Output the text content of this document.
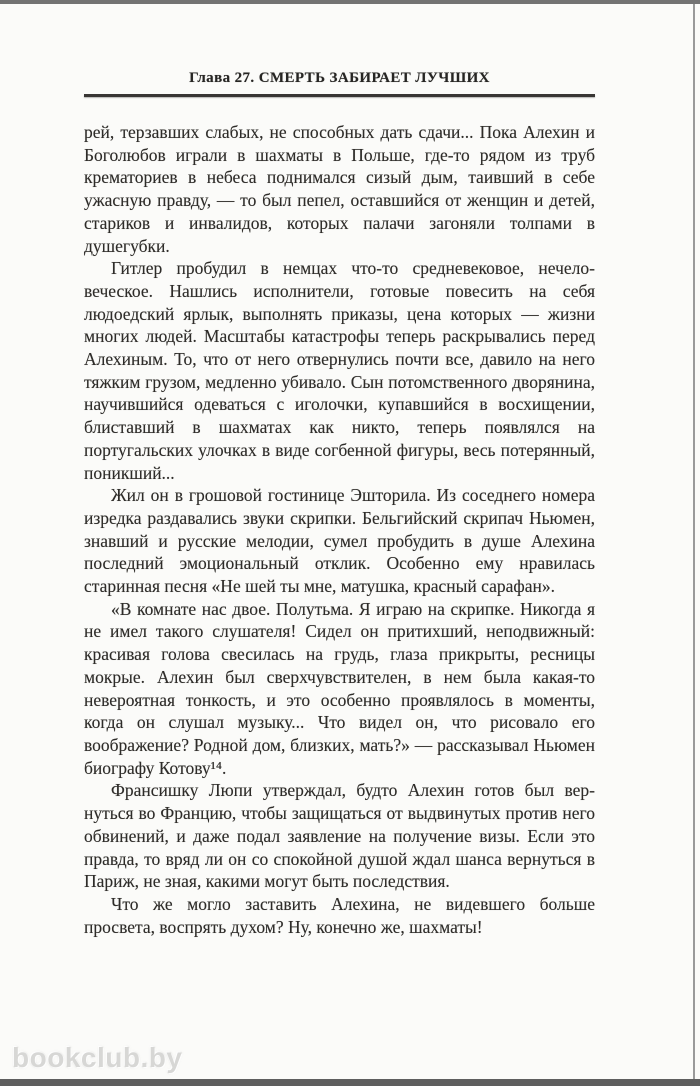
Глава 27. СМЕРТЬ ЗАБИРАЕТ ЛУЧШИХ

рей, терзавших слабых, не способных дать сдачи... Пока Алехин и Боголюбов играли в шахматы в Польше, где-то рядом из труб крематориев в небеса поднимался сизый дым, таивший в себе ужасную правду, — то был пепел, оставшийся от женщин и детей, стариков и инвалидов, которых палачи загоняли толпами в душегубки.

Гитлер пробудил в немцах что-то средневековое, нечеловеческое. Нашлись исполнители, готовые повесить на себя людоедский ярлык, выполнять приказы, цена которых — жизни многих людей. Масштабы катастрофы теперь раскрывались перед Алехиным. То, что от него отвернулись почти все, давило на него тяжким грузом, медленно убивало. Сын потомственного дворянина, научившийся одеваться с иголочки, купавшийся в восхищении, блиставший в шахматах как никто, теперь появлялся на португальских улочках в виде согбенной фигуры, весь потерянный, поникший...

Жил он в грошовой гостинице Эшторила. Из соседнего номера изредка раздавались звуки скрипки. Бельгийский скрипач Ньюмен, знавший и русские мелодии, сумел пробудить в душе Алехина последний эмоциональный отклик. Особенно ему нравилась старинная песня «Не шей ты мне, матушка, красный сарафан».

«В комнате нас двое. Полутьма. Я играю на скрипке. Никогда я не имел такого слушателя! Сидел он притихший, неподвижный: красивая голова свесилась на грудь, глаза прикрыты, ресницы мокрые. Алехин был сверхчувствителен, в нем была какая-то невероятная тонкость, и это особенно проявлялось в моменты, когда он слушал музыку... Что видел он, что рисовало его воображение? Родной дом, близких, мать?» — рассказывал Ньюмен биографу Котову¹⁴.

Франсишку Люпи утверждал, будто Алехин готов был вернуться во Францию, чтобы защищаться от выдвинутых против него обвинений, и даже подал заявление на получение визы. Если это правда, то вряд ли он со спокойной душой ждал шанса вернуться в Париж, не зная, какими могут быть последствия.

Что же могло заставить Алехина, не видевшего больше просвета, воспрять духом? Ну, конечно же, шахматы!

bookclub.by
